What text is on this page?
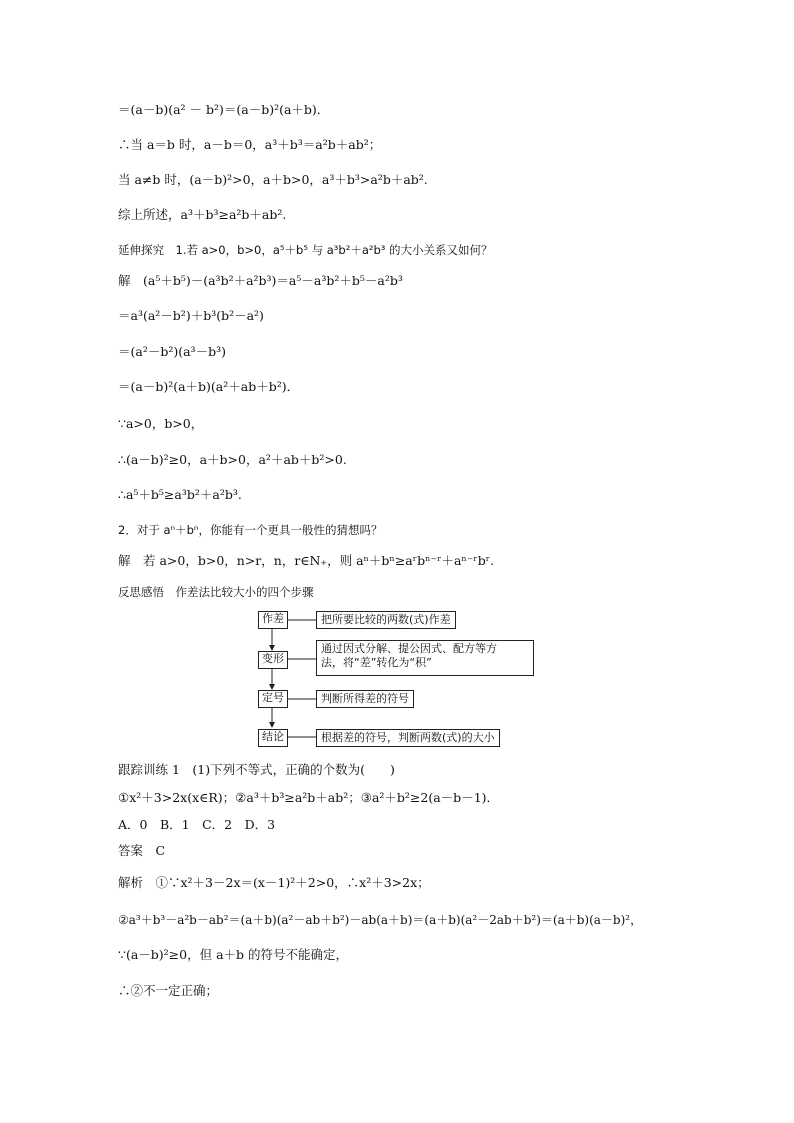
＝(a－b)(a² － b²)＝(a－b)²(a＋b)．
∴当 a＝b 时，a－b＝0，a³＋b³＝a²b＋ab²；
当 a≠b 时，(a－b)²>0，a＋b>0，a³＋b³>a²b＋ab².
综上所述，a³＋b³≥a²b＋ab².
延伸探究　1.若 a>0，b>0，a⁵＋b⁵ 与 a³b²＋a²b³ 的大小关系又如何？
解　(a⁵＋b⁵)－(a³b²＋a²b³)＝a⁵－a³b²＋b⁵－a²b³
＝a³(a²－b²)＋b³(b²－a²)
＝(a²－b²)(a³－b³)
＝(a－b)²(a＋b)(a²＋ab＋b²)．
∵a>0，b>0，
∴(a－b)²≥0，a＋b>0，a²＋ab＋b²>0.
∴a⁵＋b⁵≥a³b²＋a²b³.
2．对于 aⁿ＋bⁿ，你能有一个更具一般性的猜想吗？
解　若 a>0，b>0，n>r，n，r∈N₊，则 aⁿ＋bⁿ≥aʳbⁿ⁻ʳ＋aⁿ⁻ʳbʳ.
反思感悟　作差法比较大小的四个步骤
作差
变形
定号
结论
把所要比较的两数(式)作差
通过因式分解、提公因式、配方等方
法，将“差”转化为“积”
判断所得差的符号
根据差的符号，判断两数(式)的大小
跟踪训练 1　(1)下列不等式，正确的个数为(　　)
①x²＋3>2x(x∈R)；②a³＋b³≥a²b＋ab²；③a²＋b²≥2(a－b－1)．
A．0　B．1　C．2　D．3
答案　C
解析　①∵x²＋3－2x＝(x－1)²＋2>0，∴x²＋3>2x；
②a³＋b³－a²b－ab²＝(a＋b)(a²－ab＋b²)－ab(a＋b)＝(a＋b)(a²－2ab＋b²)＝(a＋b)(a－b)²，
∵(a－b)²≥0，但 a＋b 的符号不能确定，
∴②不一定正确；
